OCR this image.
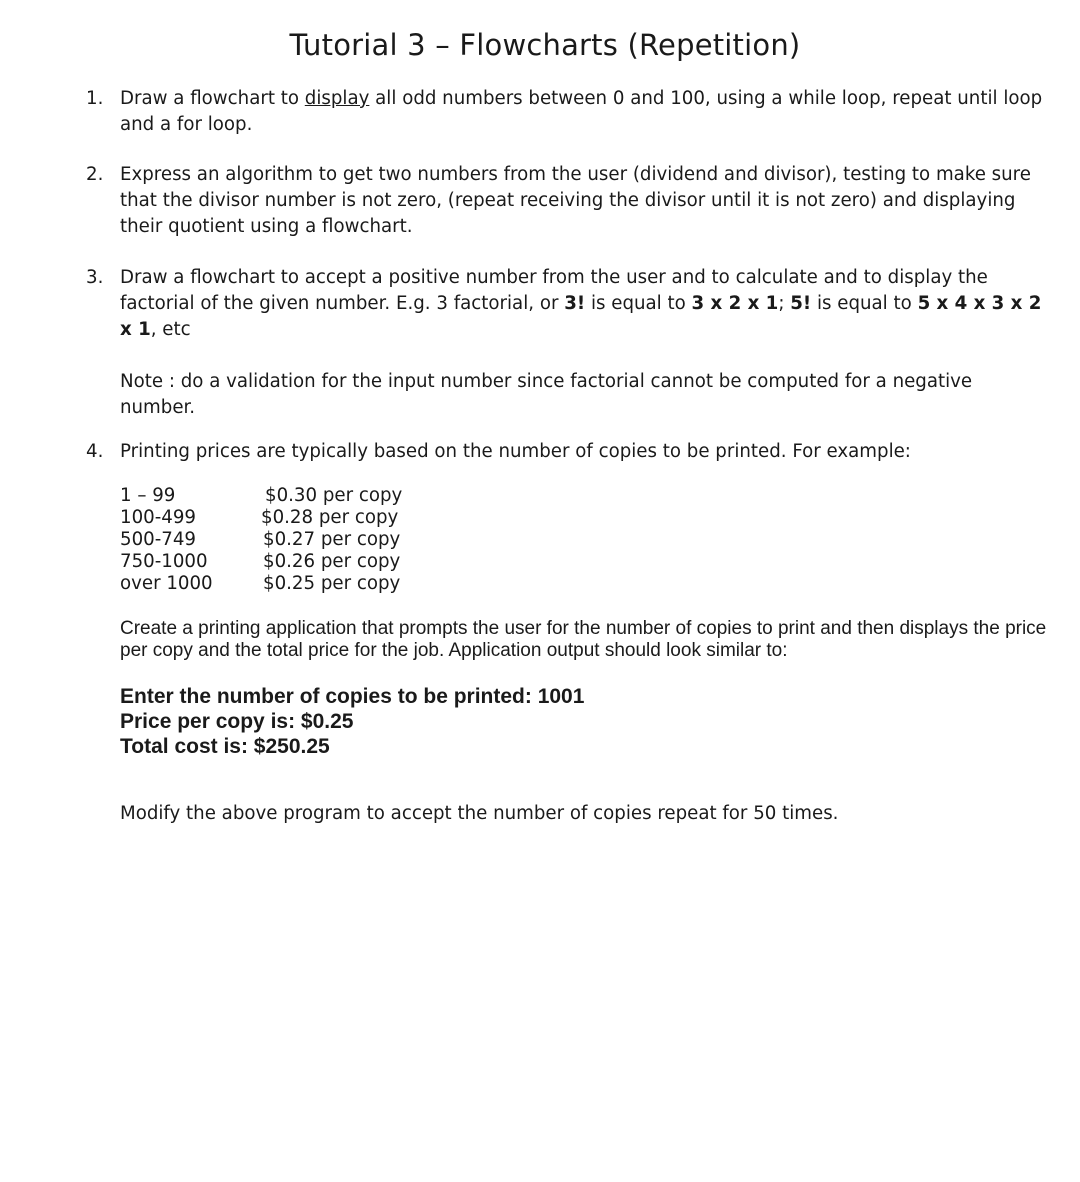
Tutorial 3 – Flowcharts (Repetition)
1. Draw a flowchart to display all odd numbers between 0 and 100, using a while loop, repeat until loop and a for loop.
2. Express an algorithm to get two numbers from the user (dividend and divisor), testing to make sure that the divisor number is not zero, (repeat receiving the divisor until it is not zero) and displaying their quotient using a flowchart.
3. Draw a flowchart to accept a positive number from the user and to calculate and to display the factorial of the given number. E.g. 3 factorial, or 3! is equal to 3 x 2 x 1; 5! is equal to 5 x 4 x 3 x 2 x 1, etc
Note : do a validation for the input number since factorial cannot be computed for a negative number.
4. Printing prices are typically based on the number of copies to be printed. For example:
1 – 99	$0.30 per copy
100-499	$0.28 per copy
500-749	$0.27 per copy
750-1000	$0.26 per copy
over 1000	$0.25 per copy
Create a printing application that prompts the user for the number of copies to print and then displays the price per copy and the total price for the job. Application output should look similar to:
Enter the number of copies to be printed: 1001
Price per copy is: $0.25
Total cost is: $250.25
Modify the above program to accept the number of copies repeat for 50 times.
